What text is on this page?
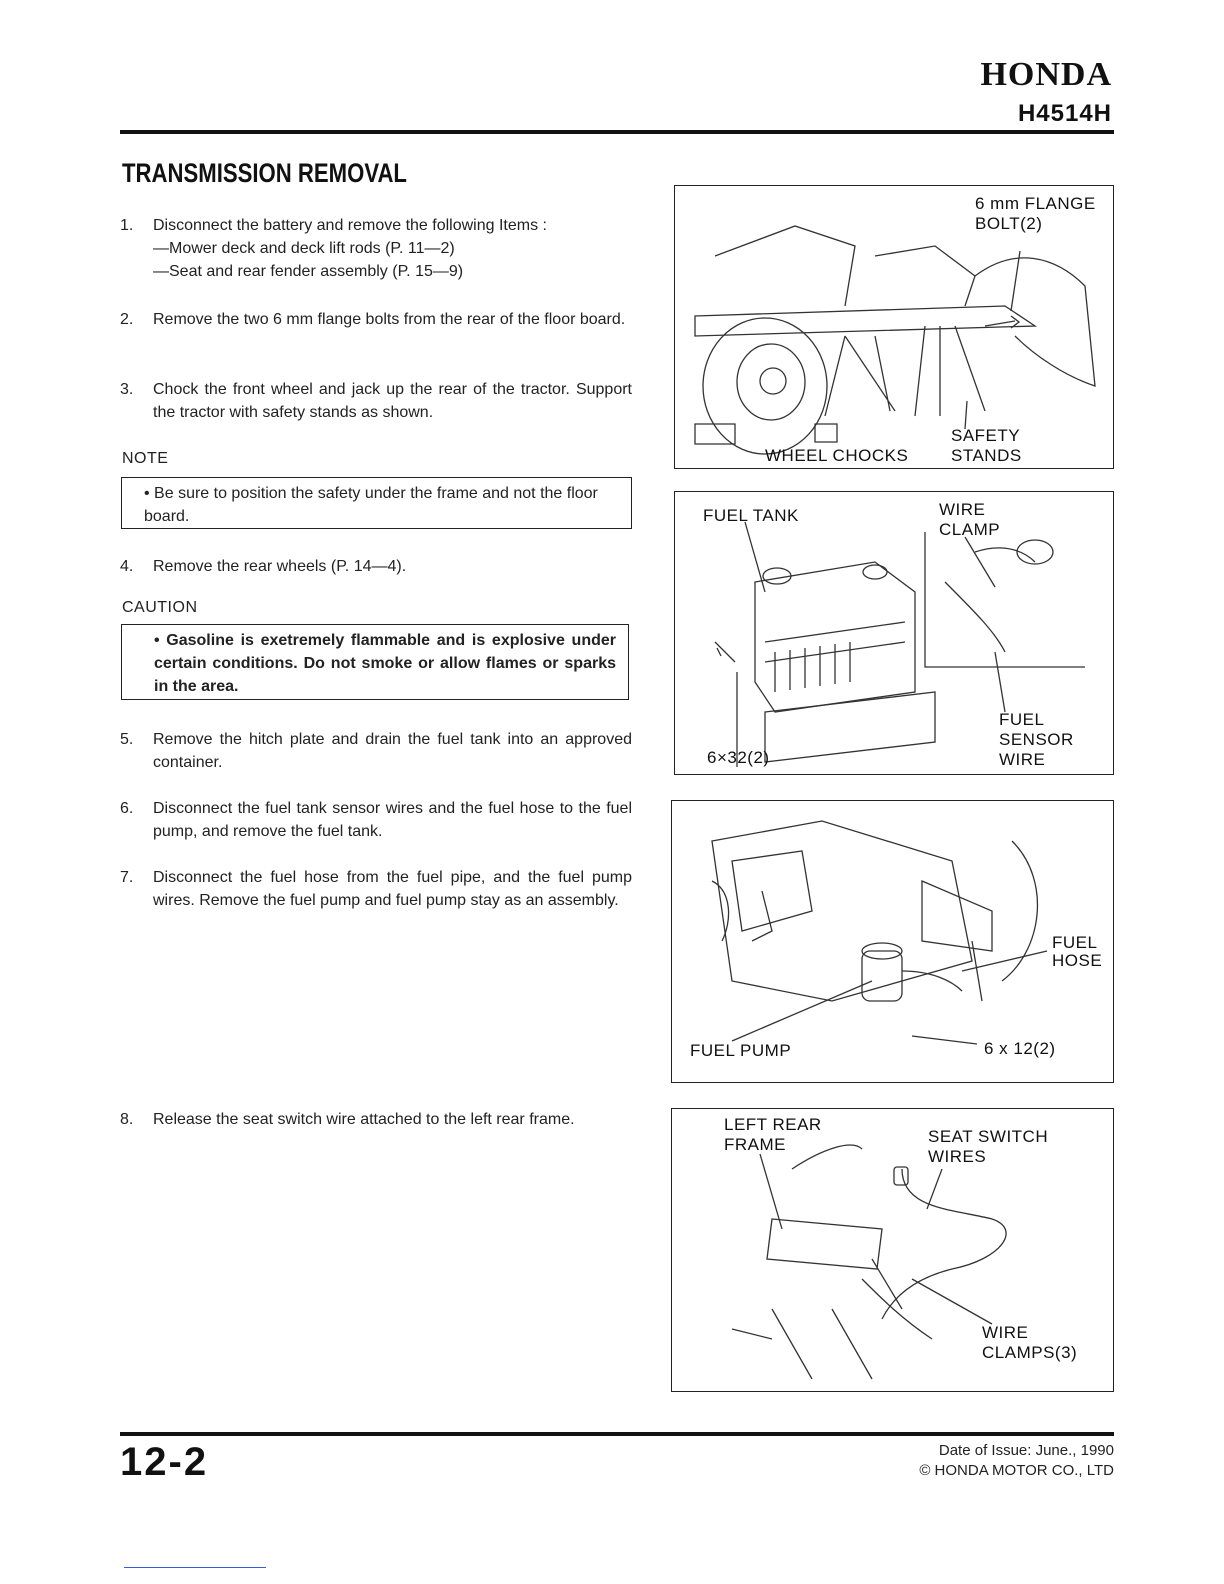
HONDA
H4514H
TRANSMISSION REMOVAL
1. Disconnect the battery and remove the following Items :
—Mower deck and deck lift rods (P. 11—2)
—Seat and rear fender assembly (P. 15—9)
2. Remove the two 6 mm flange bolts from the rear of the floor board.
3. Chock the front wheel and jack up the rear of the tractor. Support the tractor with safety stands as shown.
NOTE
• Be sure to position the safety under the frame and not the floor board.
4. Remove the rear wheels (P. 14—4).
CAUTION
• Gasoline is exetremely flammable and is explosive under certain conditions. Do not smoke or allow flames or sparks in the area.
5. Remove the hitch plate and drain the fuel tank into an approved container.
6. Disconnect the fuel tank sensor wires and the fuel hose to the fuel pump, and remove the fuel tank.
7. Disconnect the fuel hose from the fuel pipe, and the fuel pump wires. Remove the fuel pump and fuel pump stay as an assembly.
8. Release the seat switch wire attached to the left rear frame.
6 mm FLANGE
BOLT(2)
WHEEL CHOCKS
SAFETY
STANDS
FUEL TANK	WIRE
CLAMP
FUEL
SENSOR
WIRE
6×32(2)
FUEL
HOSE
FUEL PUMP	6 x 12(2)
LEFT REAR
FRAME	SEAT SWITCH
WIRES
WIRE
CLAMPS(3)
12-2	Date of Issue: June., 1990
© HONDA MOTOR CO., LTD
